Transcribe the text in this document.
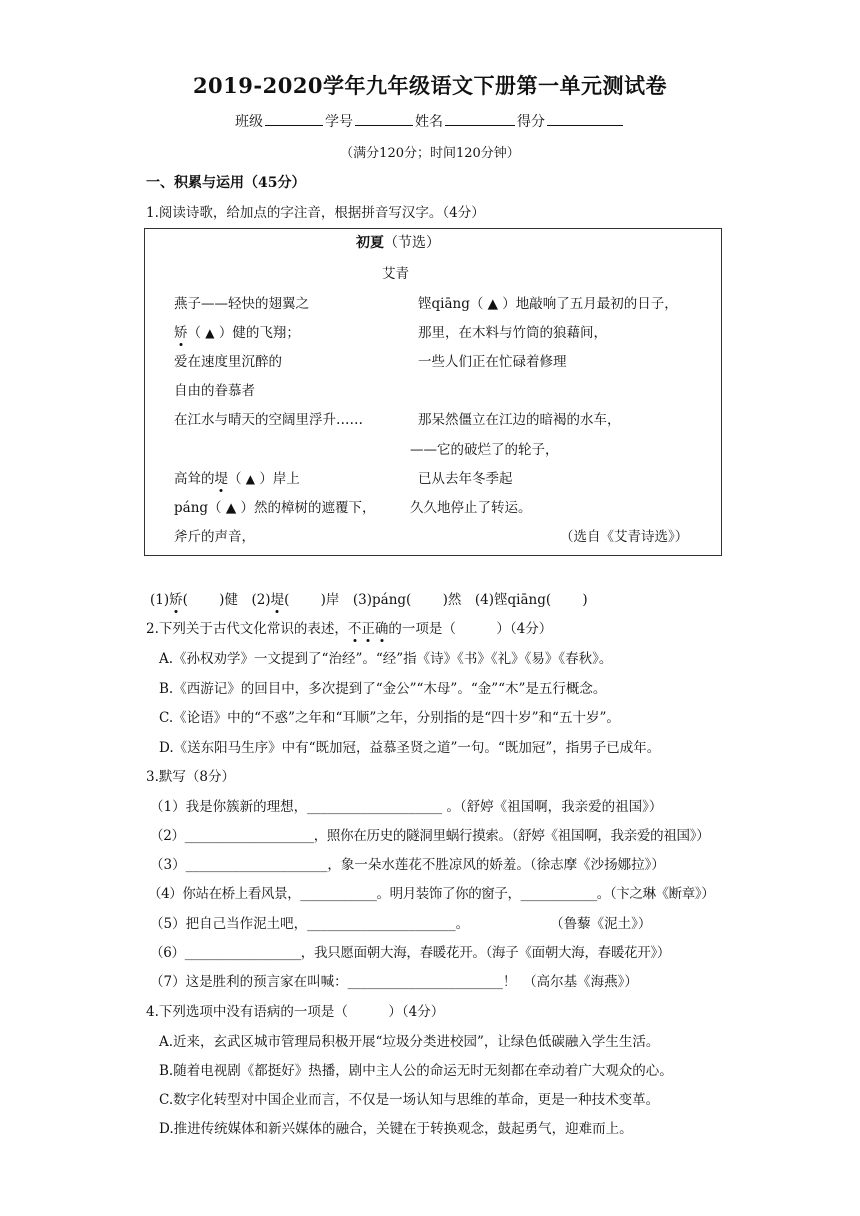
2019-2020学年九年级语文下册第一单元测试卷
班级	学号	姓名	得分
（满分120分；时间120分钟）
一、积累与运用（45分）
1.阅读诗歌，给加点的字注音，根据拼音写汉字。（4分）
初夏（节选）
艾青
燕子——轻快的翅翼之
矫（ ▲ ）健的飞翔；
爱在速度里沉醉的
自由的眷慕者
在江水与晴天的空阔里浮升……
高耸的堤（ ▲ ）岸上
páng（ ▲ ）然的樟树的遮覆下，
斧斤的声音，
铿qiāng（ ▲ ）地敲响了五月最初的日子，
那里，在木料与竹筒的狼藉间，
一些人们正在忙碌着修理
那呆然僵立在江边的暗褐的水车，
——它的破烂了的轮子，
已从去年冬季起
久久地停止了转运。
（选自《艾青诗选》）
(1)矫(　　 )健　(2)堤(　　 )岸　(3)páng(　　 )然　(4)铿qiāng(　　 )
2.下列关于古代文化常识的表述，不正确的一项是（　　　）（4分）
A.《孙权劝学》一文提到了“治经”。“经”指《诗》《书》《礼》《易》《春秋》。
B.《西游记》的回目中，多次提到了“金公”“木母”。“金”“木”是五行概念。
C.《论语》中的“不惑”之年和“耳顺”之年，分别指的是“四十岁”和“五十岁”。
D.《送东阳马生序》中有“既加冠，益慕圣贤之道”一句。“既加冠”，指男子已成年。
3.默写（8分）
（1）我是你簇新的理想，____________________ 。（舒婷《祖国啊，我亲爱的祖国》）
（2）____________________，照你在历史的隧洞里蜗行摸索。（舒婷《祖国啊，我亲爱的祖国》）
（3）_____________________，象一朵水莲花不胜凉风的娇羞。（徐志摩《沙扬娜拉》）
（4）你站在桥上看风景，____________。明月装饰了你的窗子，____________。（卞之琳《断章》）
（5）把自己当作泥土吧，______________________。　　　　　　　（鲁藜《泥土》）
（6）__________________，我只愿面朝大海，春暖花开。（海子《面朝大海，春暖花开》）
（7）这是胜利的预言家在叫喊：_______________________！　（高尔基《海燕》）
4.下列选项中没有语病的一项是（　　　）（4分）
A.近来，玄武区城市管理局积极开展“垃圾分类进校园”，让绿色低碳融入学生生活。
B.随着电视剧《都挺好》热播，剧中主人公的命运无时无刻都在牵动着广大观众的心。
C.数字化转型对中国企业而言，不仅是一场认知与思维的革命，更是一种技术变革。
D.推进传统媒体和新兴媒体的融合，关键在于转换观念，鼓起勇气，迎难而上。
